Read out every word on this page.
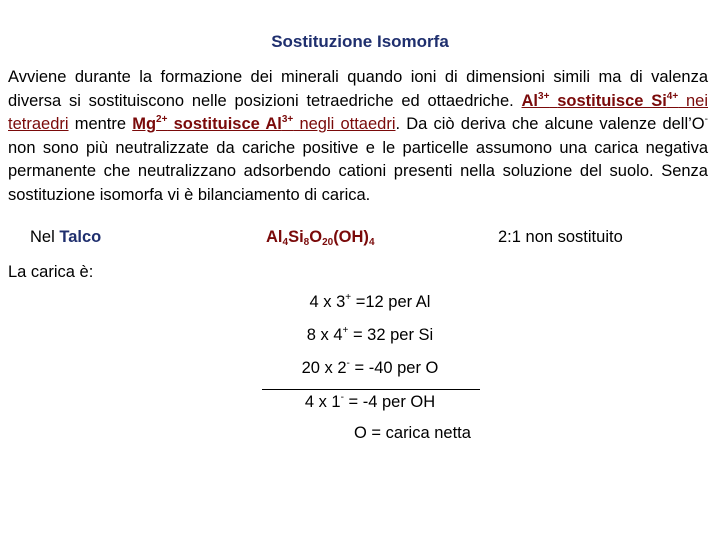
Sostituzione Isomorfa
Avviene durante la formazione dei minerali quando ioni di dimensioni simili ma di valenza diversa si sostituiscono nelle posizioni tetraedriche ed ottaedriche. $Al^{3+}$ sostituisce $Si^{4+}$ nei tetraedri mentre $Mg^{2+}$ sostituisce $Al^{3+}$ negli ottaedri. Da ciò deriva che alcune valenze dell’O- non sono più neutralizzate da cariche positive e le particelle assumono una carica negativa permanente che neutralizzano adsorbendo cationi presenti nella soluzione del suolo. Senza sostituzione isomorfa vi è bilanciamento di carica.
Nel Talco	$Al_4Si_8O_{20}(OH)_4$	2:1 non sostituito
La carica è:
4 x 3+ =12 per Al
8 x 4+ = 32 per Si
20 x 2- = -40 per O
4 x 1- = -4 per OH
O = carica netta
